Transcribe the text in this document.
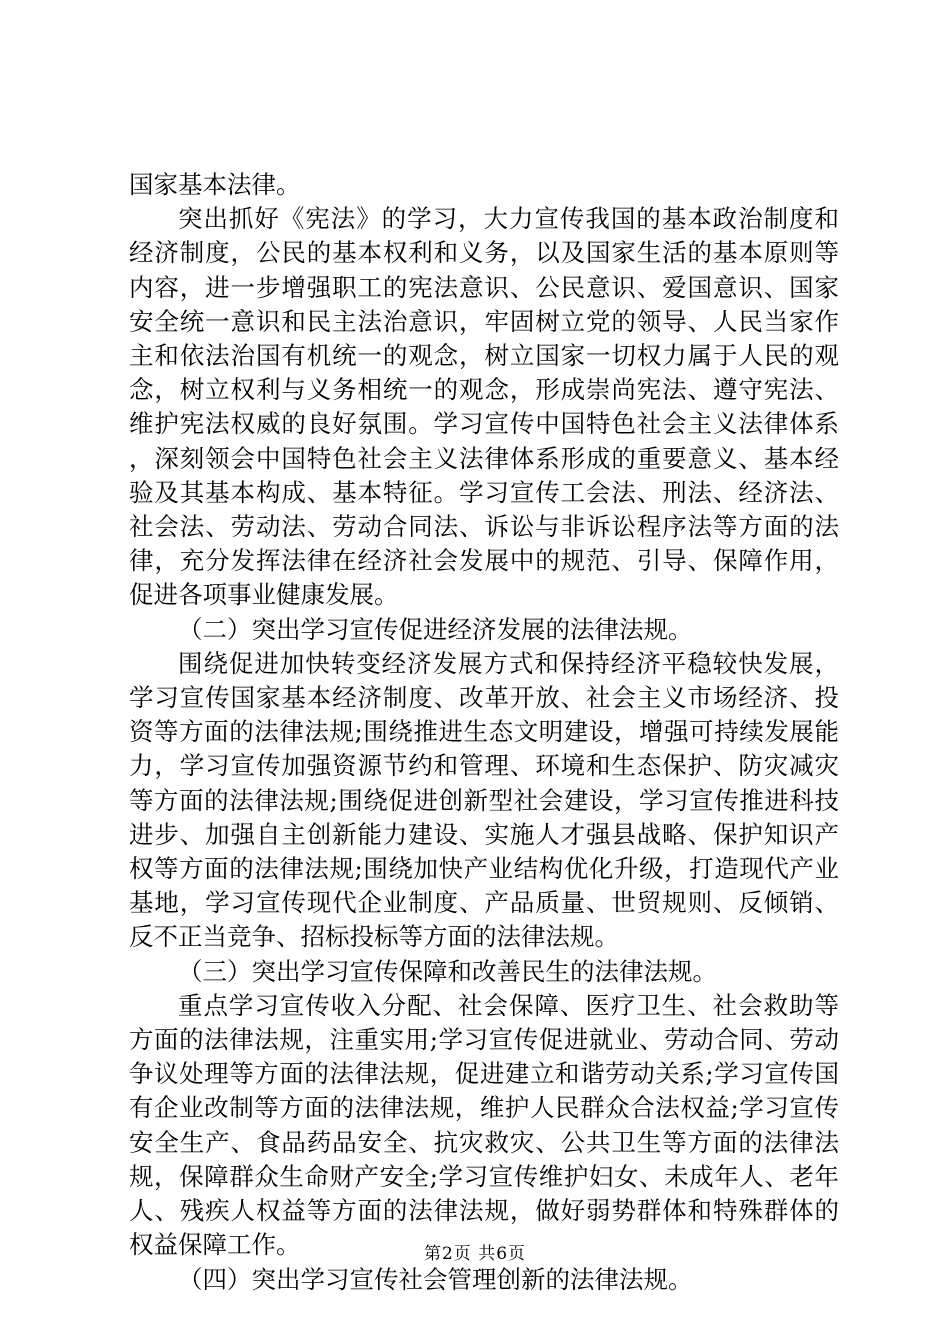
国家基本法律。

突出抓好《宪法》的学习，大力宣传我国的基本政治制度和经济制度，公民的基本权利和义务，以及国家生活的基本原则等内容，进一步增强职工的宪法意识、公民意识、爱国意识、国家安全统一意识和民主法治意识，牢固树立党的领导、人民当家作主和依法治国有机统一的观念，树立国家一切权力属于人民的观念，树立权利与义务相统一的观念，形成崇尚宪法、遵守宪法、维护宪法权威的良好氛围。学习宣传中国特色社会主义法律体系，深刻领会中国特色社会主义法律体系形成的重要意义、基本经验及其基本构成、基本特征。学习宣传工会法、刑法、经济法、社会法、劳动法、劳动合同法、诉讼与非诉讼程序法等方面的法律，充分发挥法律在经济社会发展中的规范、引导、保障作用，促进各项事业健康发展。

（二）突出学习宣传促进经济发展的法律法规。

围绕促进加快转变经济发展方式和保持经济平稳较快发展，学习宣传国家基本经济制度、改革开放、社会主义市场经济、投资等方面的法律法规;围绕推进生态文明建设，增强可持续发展能力，学习宣传加强资源节约和管理、环境和生态保护、防灾减灾等方面的法律法规;围绕促进创新型社会建设，学习宣传推进科技进步、加强自主创新能力建设、实施人才强县战略、保护知识产权等方面的法律法规;围绕加快产业结构优化升级，打造现代产业基地，学习宣传现代企业制度、产品质量、世贸规则、反倾销、反不正当竞争、招标投标等方面的法律法规。

（三）突出学习宣传保障和改善民生的法律法规。

重点学习宣传收入分配、社会保障、医疗卫生、社会救助等方面的法律法规，注重实用;学习宣传促进就业、劳动合同、劳动争议处理等方面的法律法规，促进建立和谐劳动关系;学习宣传国有企业改制等方面的法律法规，维护人民群众合法权益;学习宣传安全生产、食品药品安全、抗灾救灾、公共卫生等方面的法律法规，保障群众生命财产安全;学习宣传维护妇女、未成年人、老年人、残疾人权益等方面的法律法规，做好弱势群体和特殊群体的权益保障工作。

（四）突出学习宣传社会管理创新的法律法规。

第2页 共6页
